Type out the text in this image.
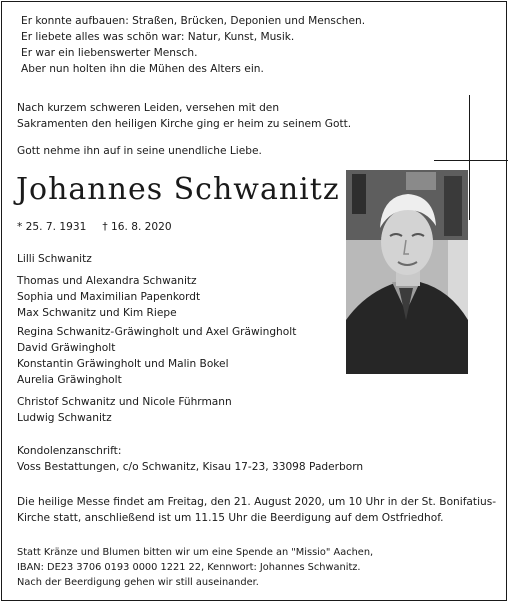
Er konnte aufbauen: Straßen, Brücken, Deponien und Menschen.
Er liebete alles was schön war: Natur, Kunst, Musik.
Er war ein liebenswerter Mensch.
Aber nun holten ihn die Mühen des Alters ein.
Nach kurzem schweren Leiden, versehen mit den
Sakramenten den heiligen Kirche ging er heim zu seinem Gott.
Gott nehme ihn auf in seine unendliche Liebe.
Johannes Schwanitz
* 25. 7. 1931 † 16. 8. 2020
Lilli Schwanitz
Thomas und Alexandra Schwanitz
Sophia und Maximilian Papenkordt
Max Schwanitz und Kim Riepe
Regina Schwanitz-Gräwingholt und Axel Gräwingholt
David Gräwingholt
Konstantin Gräwingholt und Malin Bokel
Aurelia Gräwingholt
Christof Schwanitz und Nicole Führmann
Ludwig Schwanitz
Kondolenzanschrift:
Voss Bestattungen, c/o Schwanitz, Kisau 17-23, 33098 Paderborn
Die heilige Messe findet am Freitag, den 21. August 2020, um 10 Uhr in der St. Bonifatius-Kirche statt, anschließend ist um 11.15 Uhr die Beerdigung auf dem Ostfriedhof.
Statt Kränze und Blumen bitten wir um eine Spende an "Missio" Aachen,
IBAN: DE23 3706 0193 0000 1221 22, Kennwort: Johannes Schwanitz.
Nach der Beerdigung gehen wir still auseinander.
